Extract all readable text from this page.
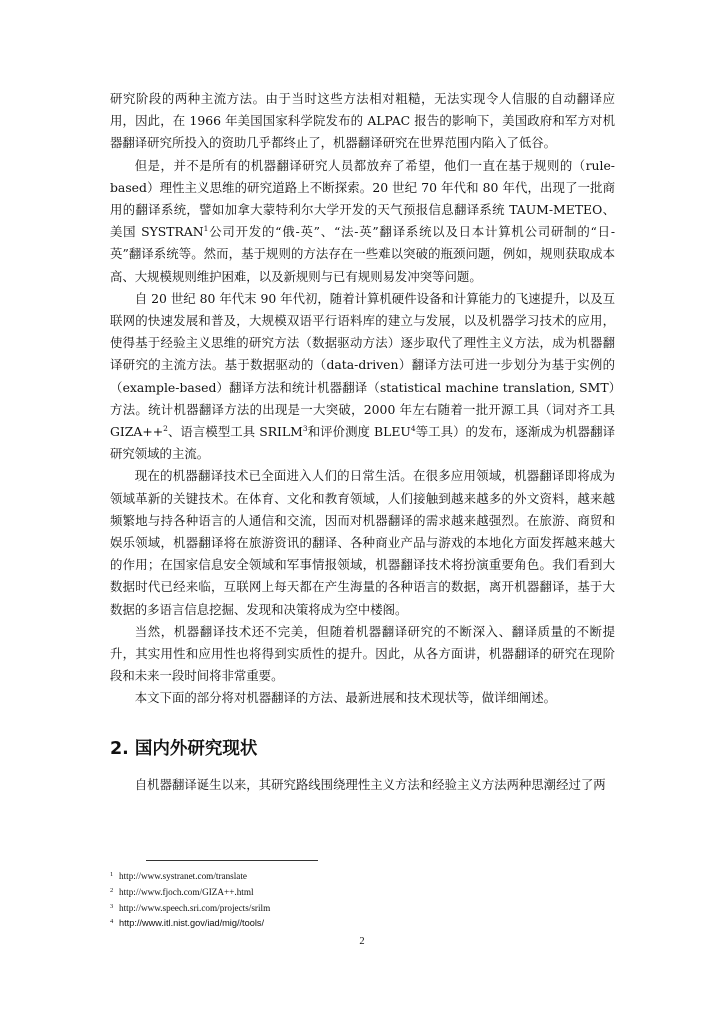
研究阶段的两种主流方法。由于当时这些方法相对粗糙，无法实现令人信服的自动翻译应用，因此，在 1966 年美国国家科学院发布的 ALPAC 报告的影响下，美国政府和军方对机器翻译研究所投入的资助几乎都终止了，机器翻译研究在世界范围内陷入了低谷。

但是，并不是所有的机器翻译研究人员都放弃了希望，他们一直在基于规则的（rule-based）理性主义思维的研究道路上不断探索。20 世纪 70 年代和 80 年代，出现了一批商用的翻译系统，譬如加拿大蒙特利尔大学开发的天气预报信息翻译系统 TAUM-METEO、美国 SYSTRAN$^1$公司开发的“俄-英”、“法-英”翻译系统以及日本计算机公司研制的“日-英”翻译系统等。然而，基于规则的方法存在一些难以突破的瓶颈问题，例如，规则获取成本高、大规模规则维护困难，以及新规则与已有规则易发冲突等问题。

自 20 世纪 80 年代末 90 年代初，随着计算机硬件设备和计算能力的飞速提升，以及互联网的快速发展和普及，大规模双语平行语料库的建立与发展，以及机器学习技术的应用，使得基于经验主义思维的研究方法（数据驱动方法）逐步取代了理性主义方法，成为机器翻译研究的主流方法。基于数据驱动的（data-driven）翻译方法可进一步划分为基于实例的（example-based）翻译方法和统计机器翻译（statistical machine translation, SMT）方法。统计机器翻译方法的出现是一大突破，2000 年左右随着一批开源工具（词对齐工具 GIZA++$^2$、语言模型工具 SRILM$^3$和评价测度 BLEU$^4$等工具）的发布，逐渐成为机器翻译研究领域的主流。

现在的机器翻译技术已全面进入人们的日常生活。在很多应用领域，机器翻译即将成为领域革新的关键技术。在体育、文化和教育领域，人们接触到越来越多的外文资料，越来越频繁地与持各种语言的人通信和交流，因而对机器翻译的需求越来越强烈。在旅游、商贸和娱乐领域，机器翻译将在旅游资讯的翻译、各种商业产品与游戏的本地化方面发挥越来越大的作用；在国家信息安全领域和军事情报领域，机器翻译技术将扮演重要角色。我们看到大数据时代已经来临，互联网上每天都在产生海量的各种语言的数据，离开机器翻译，基于大数据的多语言信息挖掘、发现和决策将成为空中楼阁。

当然，机器翻译技术还不完美，但随着机器翻译研究的不断深入、翻译质量的不断提升，其实用性和应用性也将得到实质性的提升。因此，从各方面讲，机器翻译的研究在现阶段和未来一段时间将非常重要。

本文下面的部分将对机器翻译的方法、最新进展和技术现状等，做详细阐述。

2. 国内外研究现状

自机器翻译诞生以来，其研究路线围绕理性主义方法和经验主义方法两种思潮经过了两

1 http://www.systranet.com/translate
2 http://www.fjoch.com/GIZA++.html
3 http://www.speech.sri.com/projects/srilm
4 http://www.itl.nist.gov/iad/mig//tools/
2
